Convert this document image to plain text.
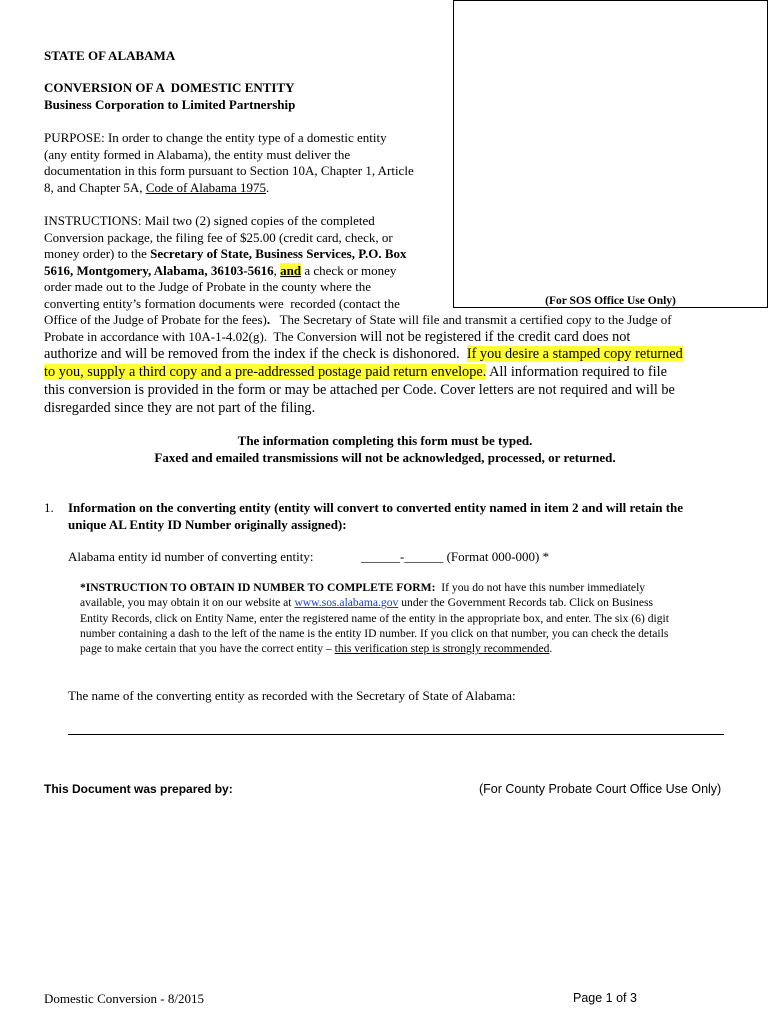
(For SOS Office Use Only)
STATE OF ALABAMA
CONVERSION OF A  DOMESTIC ENTITY
Business Corporation to Limited Partnership
PURPOSE: In order to change the entity type of a domestic entity
(any entity formed in Alabama), the entity must deliver the
documentation in this form pursuant to Section 10A, Chapter 1, Article
8, and Chapter 5A, Code of Alabama 1975.
INSTRUCTIONS: Mail two (2) signed copies of the completed
Conversion package, the filing fee of $25.00 (credit card, check, or
money order) to the Secretary of State, Business Services, P.O. Box
5616, Montgomery, Alabama, 36103-5616, and a check or money
order made out to the Judge of Probate in the county where the
converting entity’s formation documents were  recorded (contact the
Office of the Judge of Probate for the fees).   The Secretary of State will file and transmit a certified copy to the Judge of
Probate in accordance with 10A-1-4.02(g).  The Conversion will not be registered if the credit card does not
authorize and will be removed from the index if the check is dishonored.  If you desire a stamped copy returned
to you, supply a third copy and a pre-addressed postage paid return envelope. All information required to file
this conversion is provided in the form or may be attached per Code. Cover letters are not required and will be
disregarded since they are not part of the filing.
The information completing this form must be typed.
Faxed and emailed transmissions will not be acknowledged, processed, or returned.
1. Information on the converting entity (entity will convert to converted entity named in item 2 and will retain the
unique AL Entity ID Number originally assigned):
Alabama entity id number of converting entity:	______-______ (Format 000-000) *
*INSTRUCTION TO OBTAIN ID NUMBER TO COMPLETE FORM:  If you do not have this number immediately
available, you may obtain it on our website at www.sos.alabama.gov under the Government Records tab. Click on Business
Entity Records, click on Entity Name, enter the registered name of the entity in the appropriate box, and enter. The six (6) digit
number containing a dash to the left of the name is the entity ID number. If you click on that number, you can check the details
page to make certain that you have the correct entity – this verification step is strongly recommended.
The name of the converting entity as recorded with the Secretary of State of Alabama:
This Document was prepared by:	(For County Probate Court Office Use Only)
Domestic Conversion - 8/2015	Page 1 of 3
